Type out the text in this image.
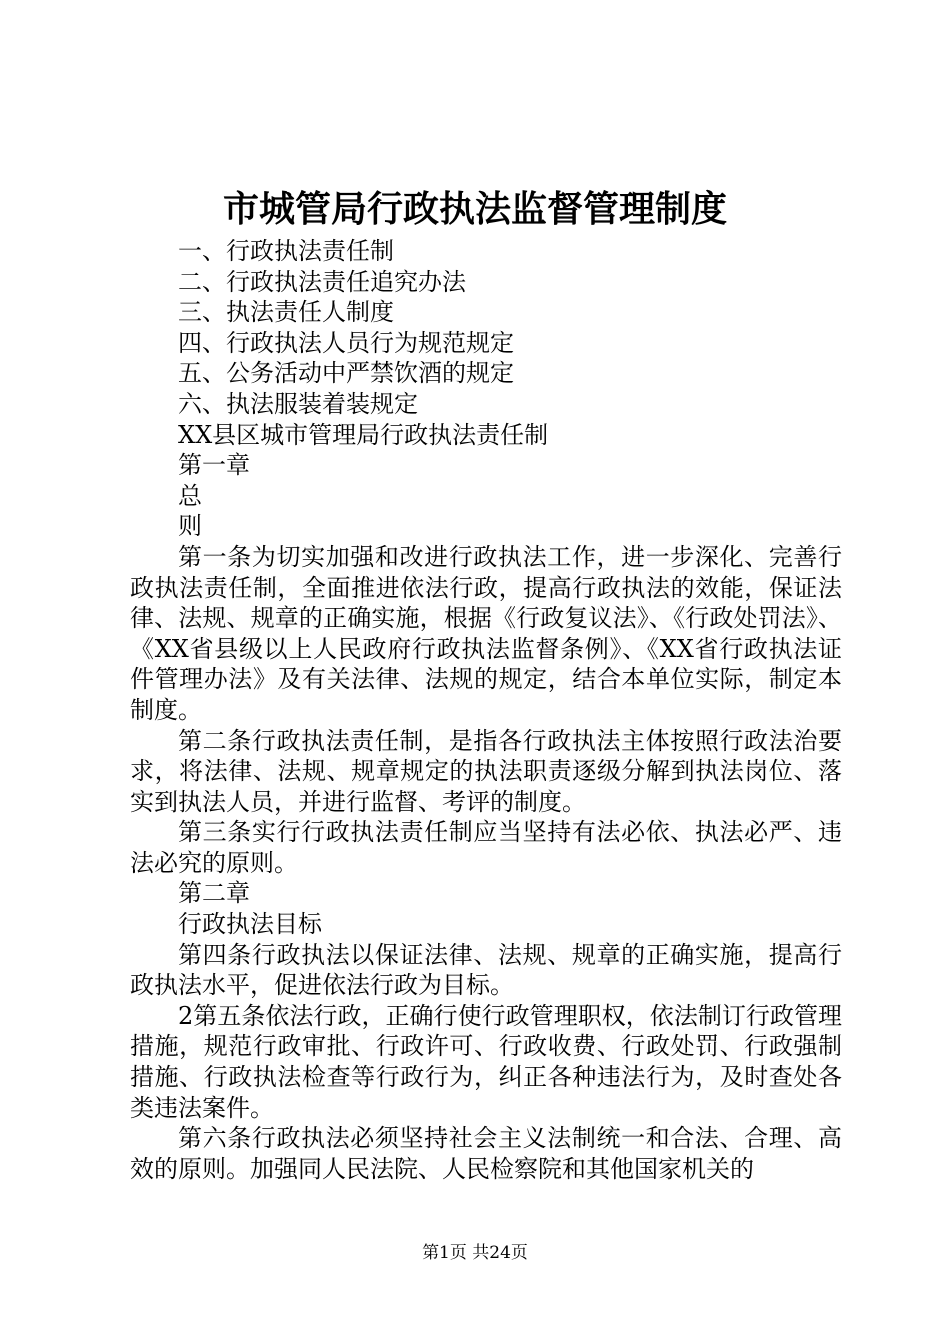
市城管局行政执法监督管理制度

一、行政执法责任制

二、行政执法责任追究办法

三、执法责任人制度

四、行政执法人员行为规范规定

五、公务活动中严禁饮酒的规定

六、执法服装着装规定

XX县区城市管理局行政执法责任制

第一章

总

则

第一条为切实加强和改进行政执法工作，进一步深化、完善行政执法责任制，全面推进依法行政，提高行政执法的效能，保证法律、法规、规章的正确实施，根据《行政复议法》、《行政处罚法》、《XX省县级以上人民政府行政执法监督条例》、《XX省行政执法证件管理办法》及有关法律、法规的规定，结合本单位实际，制定本制度。

第二条行政执法责任制，是指各行政执法主体按照行政法治要求，将法律、法规、规章规定的执法职责逐级分解到执法岗位、落实到执法人员，并进行监督、考评的制度。

第三条实行行政执法责任制应当坚持有法必依、执法必严、违法必究的原则。

第二章

行政执法目标

第四条行政执法以保证法律、法规、规章的正确实施，提高行政执法水平，促进依法行政为目标。

2第五条依法行政，正确行使行政管理职权，依法制订行政管理措施，规范行政审批、行政许可、行政收费、行政处罚、行政强制措施、行政执法检查等行政行为，纠正各种违法行为，及时查处各类违法案件。

第六条行政执法必须坚持社会主义法制统一和合法、合理、高效的原则。加强同人民法院、人民检察院和其他国家机关的

第1页 共24页
